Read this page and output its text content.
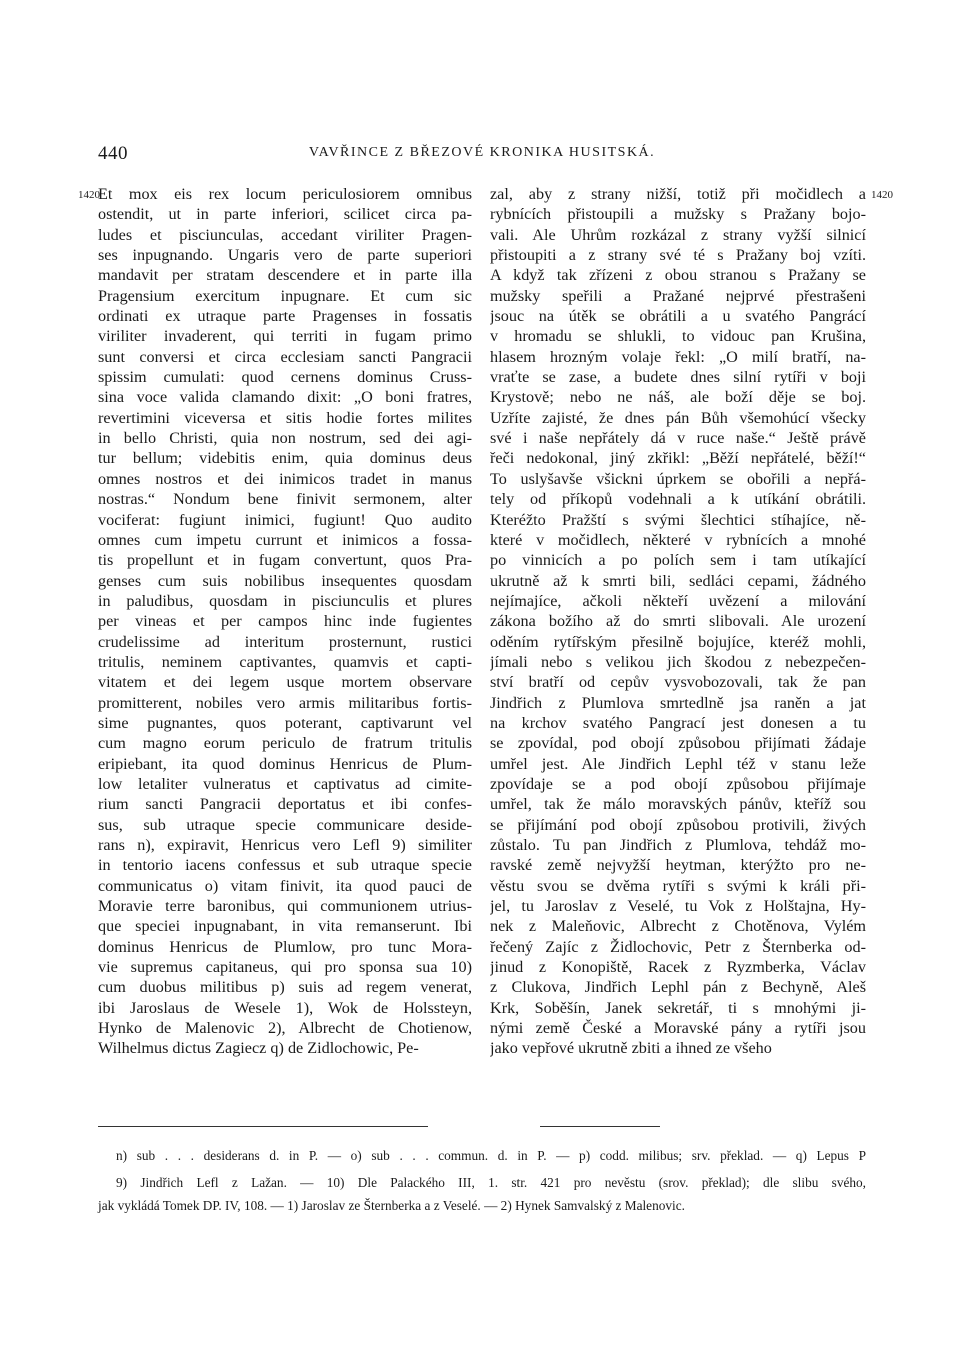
440	VAVŘINCE Z BŘEZOVÉ KRONIKA HUSITSKÁ.
1420	1420
Et mox eis rex locum periculosiorem omnibus
ostendit, ut in parte inferiori, scilicet circa pa-
ludes et pisciunculas, accedant viriliter Pragen-
ses inpugnando. Ungaris vero de parte superiori
mandavit per stratam descendere et in parte illa
Pragensium exercitum inpugnare. Et cum sic
ordinati ex utraque parte Pragenses in fossatis
viriliter invaderent, qui territi in fugam primo
sunt conversi et circa ecclesiam sancti Pangracii
spissim cumulati: quod cernens dominus Cruss-
sina voce valida clamando dixit: „O boni fratres,
revertimini viceversa et sitis hodie fortes milites
in bello Christi, quia non nostrum, sed dei agi-
tur bellum; videbitis enim, quia dominus deus
omnes nostros et dei inimicos tradet in manus
nostras.“ Nondum bene finivit sermonem, alter
vociferat: fugiunt inimici, fugiunt! Quo audito
omnes cum impetu currunt et inimicos a fossa-
tis propellunt et in fugam convertunt, quos Pra-
genses cum suis nobilibus insequentes quosdam
in paludibus, quosdam in pisciunculis et plures
per vineas et per campos hinc inde fugientes
crudelissime ad interitum prosternunt, rustici
tritulis, neminem captivantes, quamvis et capti-
vitatem et dei legem usque mortem observare
promitterent, nobiles vero armis militaribus fortis-
sime pugnantes, quos poterant, captivarunt vel
cum magno eorum periculo de fratrum tritulis
eripiebant, ita quod dominus Henricus de Plum-
low letaliter vulneratus et captivatus ad cimite-
rium sancti Pangracii deportatus et ibi confes-
sus, sub utraque specie communicare deside-
rans n), expiravit, Henricus vero Lefl 9) similiter
in tentorio iacens confessus et sub utraque specie
communicatus o) vitam finivit, ita quod pauci de
Moravie terre baronibus, qui communionem utrius-
que speciei inpugnabant, in vita remanserunt. Ibi
dominus Henricus de Plumlow, pro tunc Mora-
vie supremus capitaneus, qui pro sponsa sua 10)
cum duobus militibus p) suis ad regem venerat,
ibi Jaroslaus de Wesele 1), Wok de Holssteyn,
Hynko de Malenovic 2), Albrecht de Chotienow,
Wilhelmus dictus Zagiecz q) de Zidlochowic, Pe-
zal, aby z strany nižší, totiž při močidlech a
rybnících přistoupili a mužsky s Pražany bojo-
vali. Ale Uhrům rozkázal z strany vyžší silnicí
přistoupiti a z strany své té s Pražany boj vzíti.
A když tak zřízeni z obou stranou s Pražany se
mužsky speřili a Pražané nejprvé přestrašeni
jsouc na útěk se obrátili a u svatého Pangrácí
v hromadu se shlukli, to vidouc pan Krušina,
hlasem hrozným volaje řekl: „O milí bratří, na-
vraťte se zase, a budete dnes silní rytíři v boji
Krystově; nebo ne náš, ale boží děje se boj.
Uzříte zajisté, že dnes pán Bůh všemohúcí všecky
své i naše nepřátely dá v ruce naše.“ Ještě právě
řeči nedokonal, jiný zkřikl: „Běží nepřátelé, běží!“
To uslyšavše všickni úprkem se obořili a nepřá-
tely od příkopů vodehnali a k utíkání obrátili.
Kteréžto Pražští s svými šlechtici stíhajíce, ně-
které v močidlech, některé v rybnících a mnohé
po vinnicích a po polích sem i tam utíkající
ukrutně až k smrti bili, sedláci cepami, žádného
nejímajíce, ačkoli někteří uvězení a milování
zákona božího až do smrti slibovali. Ale urození
oděním rytířským přesilně bojujíce, kteréž mohli,
jímali nebo s velikou jich škodou z nebezpečen-
ství bratří od cepův vysvobozovali, tak že pan
Jindřich z Plumlova smrtedlně jsa raněn a jat
na krchov svatého Pangrací jest donesen a tu
se zpovídal, pod obojí způsobou přijímati žádaje
umřel jest. Ale Jindřich Lephl též v stanu leže
zpovídaje se a pod obojí způsobou přijímaje
umřel, tak že málo moravských pánův, kteříž sou
se přijímání pod obojí způsobou protivili, živých
zůstalo. Tu pan Jindřich z Plumlova, tehdáž mo-
ravské země nejvyžší heytman, kterýžto pro ne-
věstu svou se dvěma rytíři s svými k králi při-
jel, tu Jaroslav z Veselé, tu Vok z Holštajna, Hy-
nek z Maleňovic, Albrecht z Chotěnova, Vylém
řečený Zajíc z Židlochovic, Petr z Šternberka od-
jinud z Konopiště, Racek z Ryzmberka, Václav
z Clukova, Jindřich Lephl pán z Bechyně, Aleš
Krk, Soběšín, Janek sekretář, ti s mnohými ji-
nými země České a Moravské pány a rytíři jsou
jako vepřové ukrutně zbiti a ihned ze všeho
n) sub . . . desiderans d. in P. — o) sub . . . commun. d. in P. — p) codd. milibus; srv. překlad. — q) Lepus P
9) Jindřich Lefl z Lažan. — 10) Dle Palackého III, 1. str. 421 pro nevěstu (srov. překlad); dle slibu svého,
jak vykládá Tomek DP. IV, 108. — 1) Jaroslav ze Šternberka a z Veselé. — 2) Hynek Samvalský z Malenovic.
